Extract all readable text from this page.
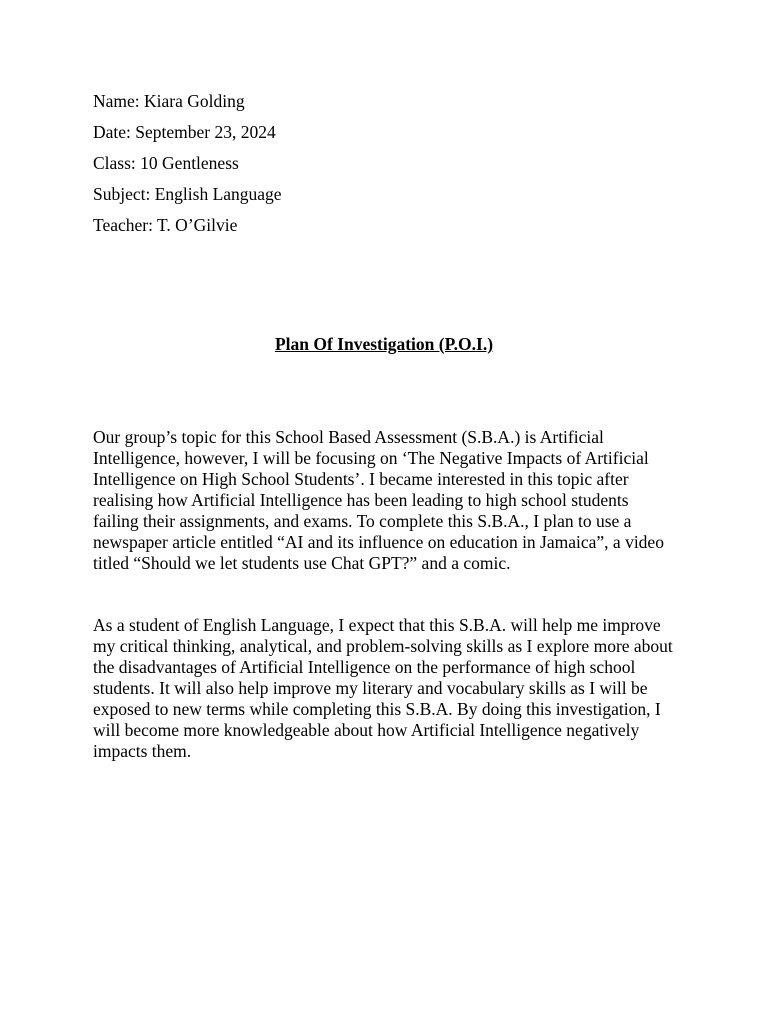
Name: Kiara Golding
Date: September 23, 2024
Class: 10 Gentleness
Subject: English Language
Teacher: T. O’Gilvie
Plan Of Investigation (P.O.I.)

Our group’s topic for this School Based Assessment (S.B.A.) is Artificial Intelligence, however, I will be focusing on ‘The Negative Impacts of Artificial Intelligence on High School Students’. I became interested in this topic after realising how Artificial Intelligence has been leading to high school students failing their assignments, and exams. To complete this S.B.A., I plan to use a newspaper article entitled “AI and its influence on education in Jamaica”, a video titled “Should we let students use Chat GPT?” and a comic.

As a student of English Language, I expect that this S.B.A. will help me improve my critical thinking, analytical, and problem-solving skills as I explore more about the disadvantages of Artificial Intelligence on the performance of high school students. It will also help improve my literary and vocabulary skills as I will be exposed to new terms while completing this S.B.A. By doing this investigation, I will become more knowledgeable about how Artificial Intelligence negatively impacts them.
